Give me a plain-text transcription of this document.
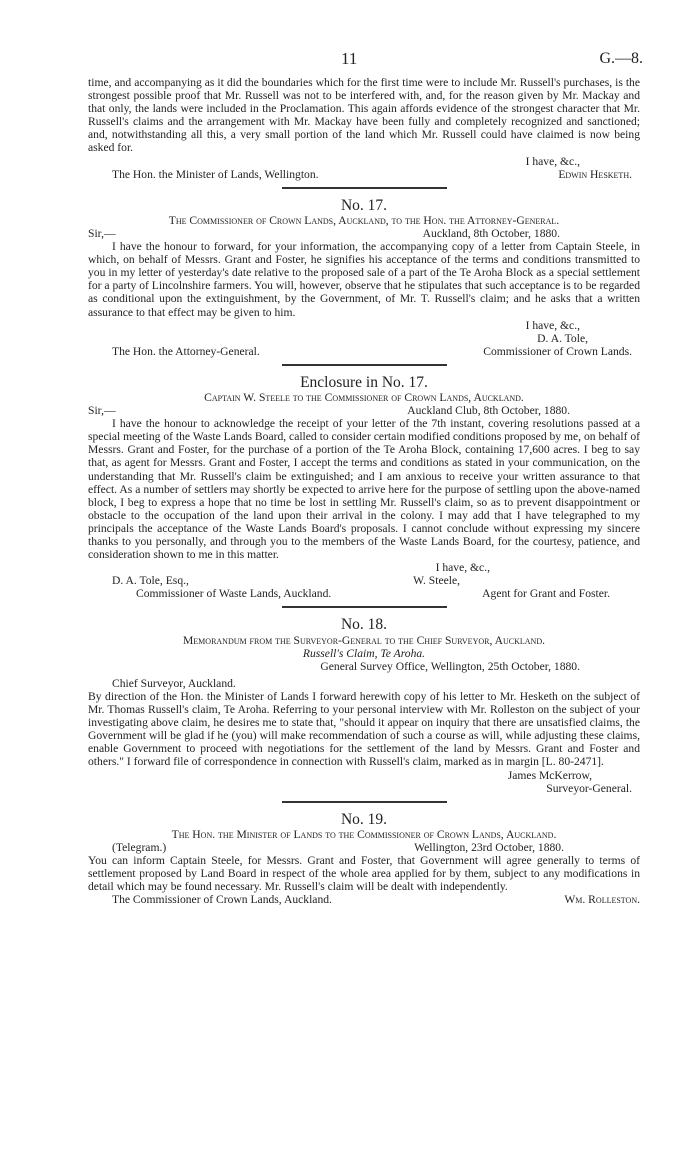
11	G.—8.

time, and accompanying as it did the boundaries which for the first time were to include Mr. Russell's purchases, is the strongest possible proof that Mr. Russell was not to be interfered with, and, for the reason given by Mr. Mackay and that only, the lands were included in the Proclamation. This again affords evidence of the strongest character that Mr. Russell's claims and the arrangement with Mr. Mackay have been fully and completely recognized and sanctioned; and, notwithstanding all this, a very small portion of the land which Mr. Russell could have claimed is now being asked for.

I have, &c.,
The Hon. the Minister of Lands, Wellington.	Edwin Hesketh.
No. 17.
The Commissioner of Crown Lands, Auckland, to the Hon. the Attorney-General.
Sir,—	Auckland, 8th October, 1880.

I have the honour to forward, for your information, the accompanying copy of a letter from Captain Steele, in which, on behalf of Messrs. Grant and Foster, he signifies his acceptance of the terms and conditions transmitted to you in my letter of yesterday's date relative to the proposed sale of a part of the Te Aroha Block as a special settlement for a party of Lincolnshire farmers. You will, however, observe that he stipulates that such acceptance is to be regarded as conditional upon the extinguishment, by the Government, of Mr. T. Russell's claim; and he asks that a written assurance to that effect may be given to him.

I have, &c.,
D. A. Tole,
The Hon. the Attorney-General.	Commissioner of Crown Lands.
Enclosure in No. 17.
Captain W. Steele to the Commissioner of Crown Lands, Auckland.
Sir,—	Auckland Club, 8th October, 1880.

I have the honour to acknowledge the receipt of your letter of the 7th instant, covering resolutions passed at a special meeting of the Waste Lands Board, called to consider certain modified conditions proposed by me, on behalf of Messrs. Grant and Foster, for the purchase of a portion of the Te Aroha Block, containing 17,600 acres. I beg to say that, as agent for Messrs. Grant and Foster, I accept the terms and conditions as stated in your communication, on the understanding that Mr. Russell's claim be extinguished; and I am anxious to receive your written assurance to that effect. As a number of settlers may shortly be expected to arrive here for the purpose of settling upon the above-named block, I beg to express a hope that no time be lost in settling Mr. Russell's claim, so as to prevent disappointment or obstacle to the occupation of the land upon their arrival in the colony. I may add that I have telegraphed to my principals the acceptance of the Waste Lands Board's proposals. I cannot conclude without expressing my sincere thanks to you personally, and through you to the members of the Waste Lands Board, for the courtesy, patience, and consideration shown to me in this matter.

I have, &c.,
D. A. Tole, Esq.,	W. Steele,
Commissioner of Waste Lands, Auckland.	Agent for Grant and Foster.
No. 18.
Memorandum from the Surveyor-General to the Chief Surveyor, Auckland.
Russell's Claim, Te Aroha.
General Survey Office, Wellington, 25th October, 1880.
Chief Surveyor, Auckland.

By direction of the Hon. the Minister of Lands I forward herewith copy of his letter to Mr. Hesketh on the subject of Mr. Thomas Russell's claim, Te Aroha. Referring to your personal interview with Mr. Rolleston on the subject of your investigating above claim, he desires me to state that, "should it appear on inquiry that there are unsatisfied claims, the Government will be glad if he (you) will make recommendation of such a course as will, while adjusting these claims, enable Government to proceed with negotiations for the settlement of the land by Messrs. Grant and Foster and others." I forward file of correspondence in connection with Russell's claim, marked as in margin [L. 80-2471].

James McKerrow,
Surveyor-General.
No. 19.
The Hon. the Minister of Lands to the Commissioner of Crown Lands, Auckland.
(Telegram.)	Wellington, 23rd October, 1880.

You can inform Captain Steele, for Messrs. Grant and Foster, that Government will agree generally to terms of settlement proposed by Land Board in respect of the whole area applied for by them, subject to any modifications in detail which may be found necessary. Mr. Russell's claim will be dealt with independently.

The Commissioner of Crown Lands, Auckland.	Wm. Rolleston.
